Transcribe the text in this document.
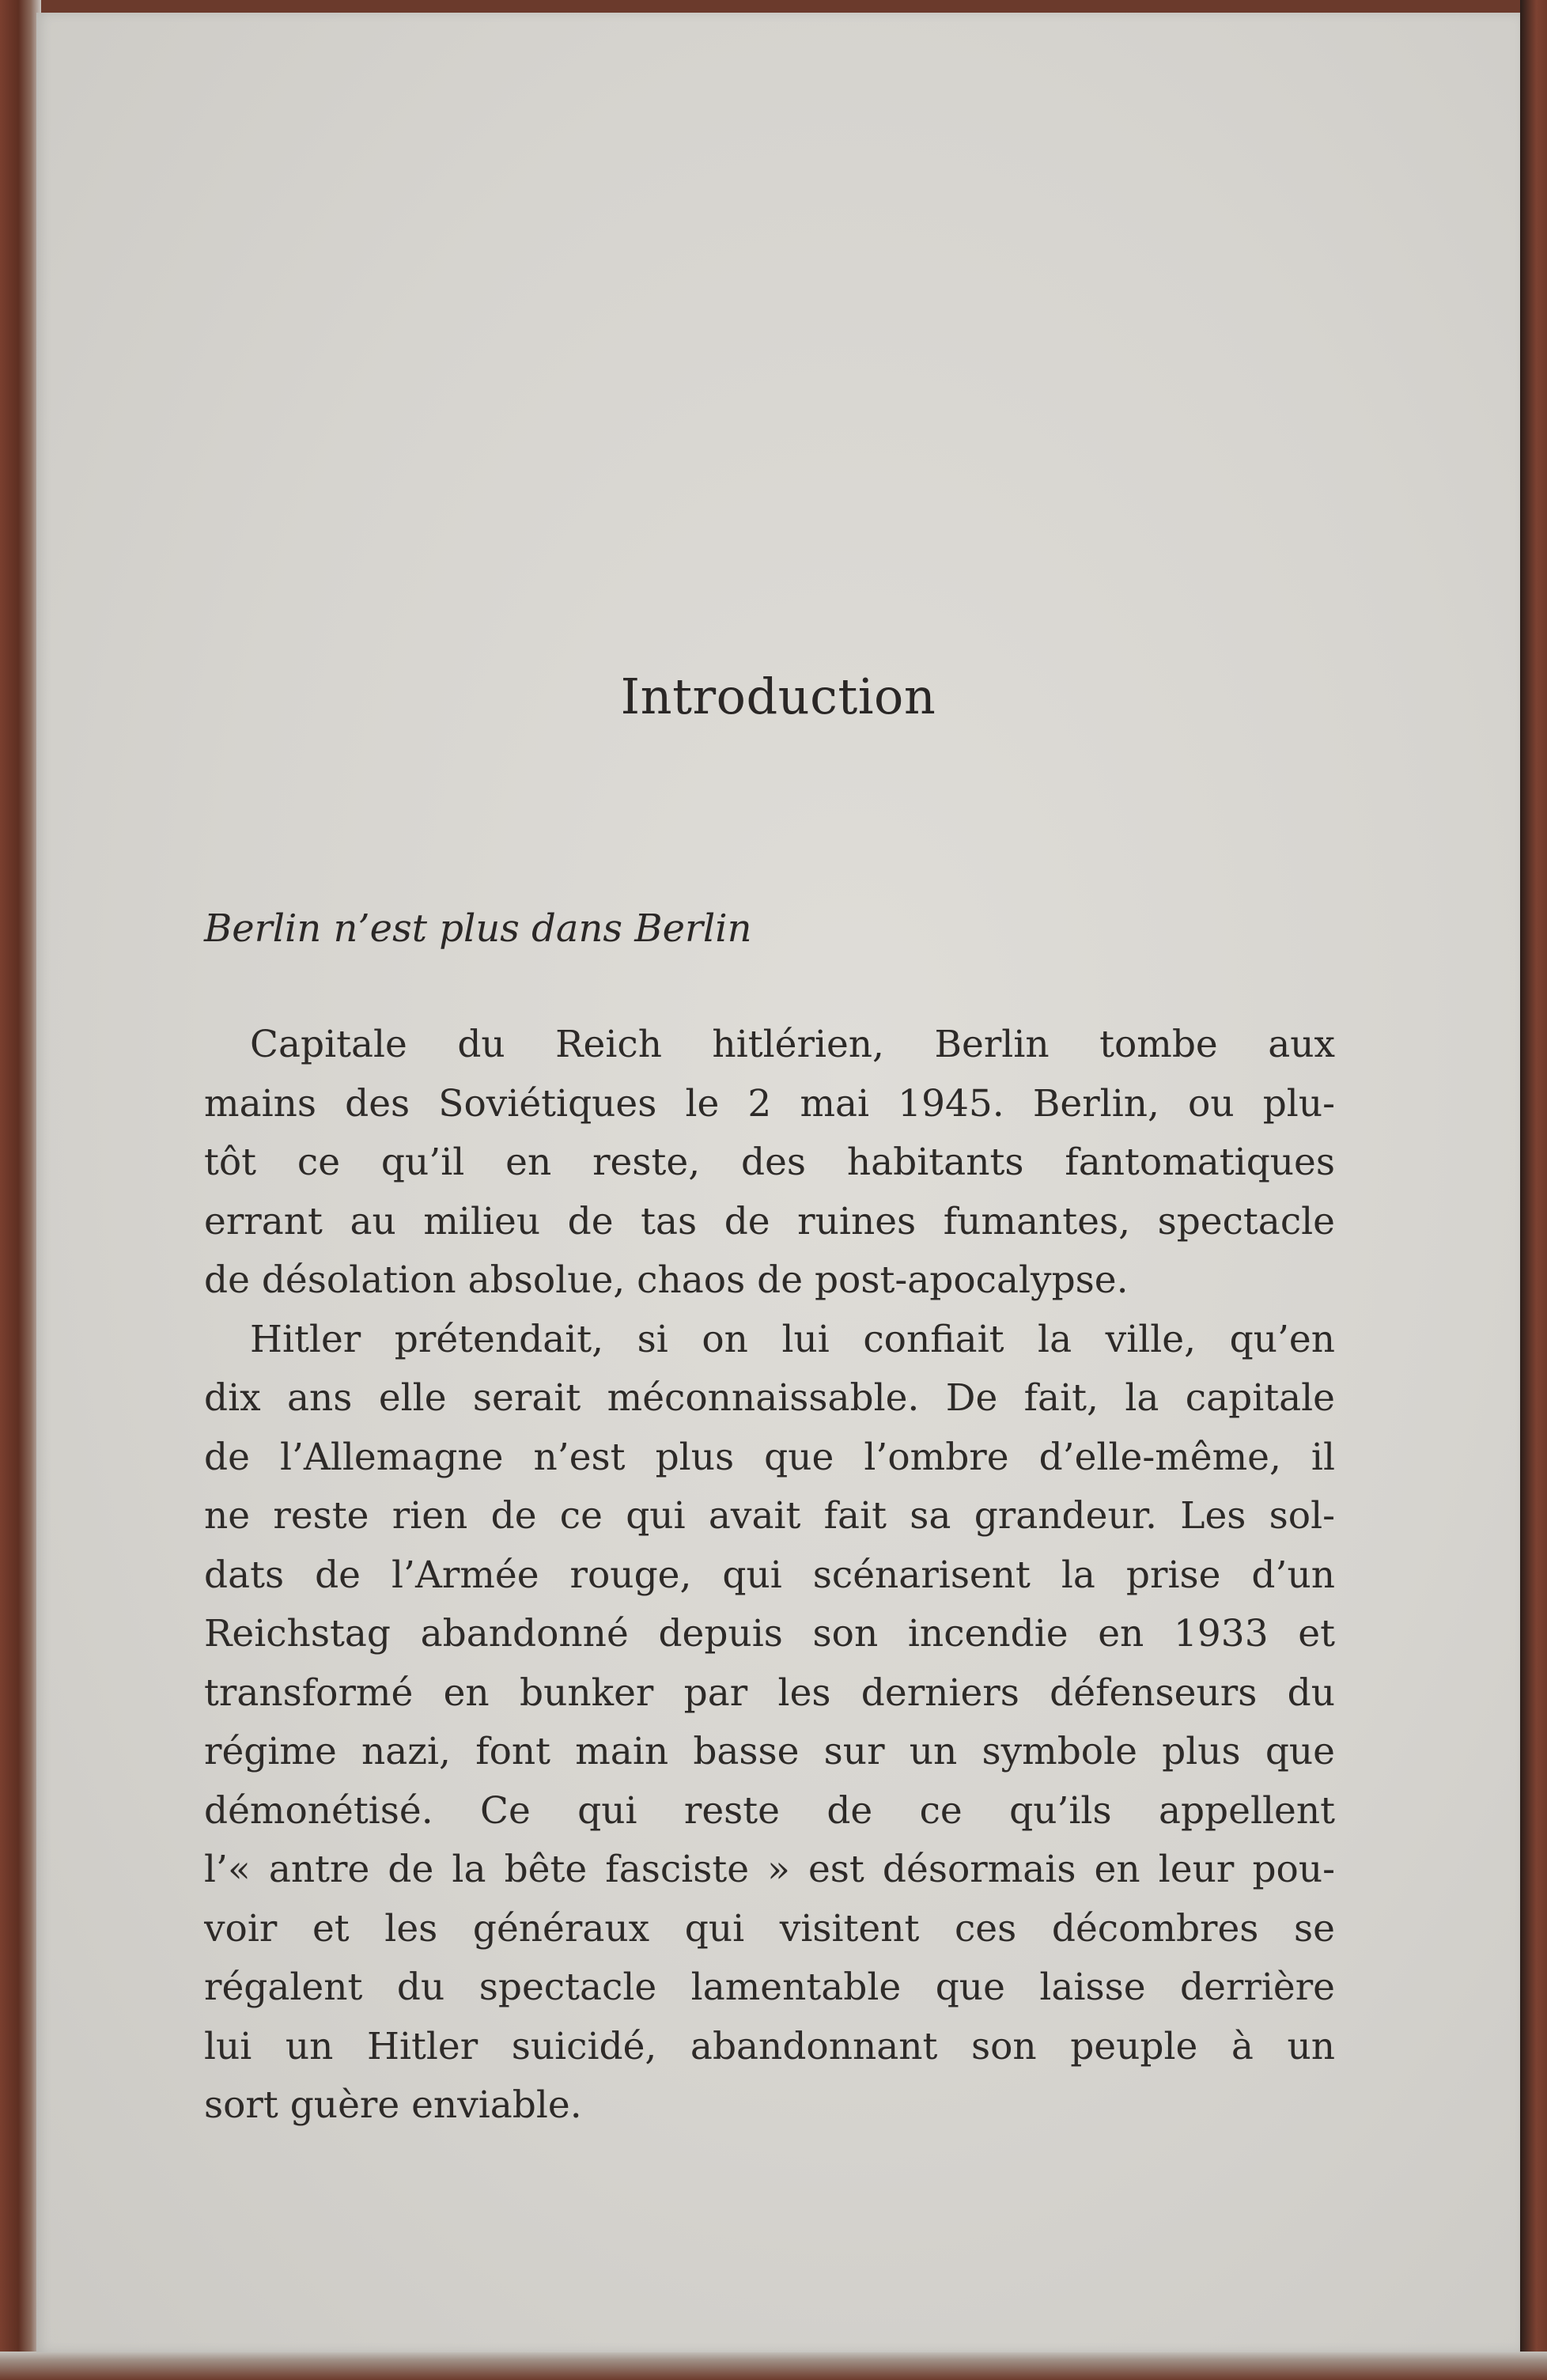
Introduction
Berlin n’est plus dans Berlin
Capitale du Reich hitlérien, Berlin tombe aux
mains des Soviétiques le 2 mai 1945. Berlin, ou plu-
tôt ce qu’il en reste, des habitants fantomatiques
errant au milieu de tas de ruines fumantes, spectacle
de désolation absolue, chaos de post-apocalypse.
Hitler prétendait, si on lui confiait la ville, qu’en
dix ans elle serait méconnaissable. De fait, la capitale
de l’Allemagne n’est plus que l’ombre d’elle-même, il
ne reste rien de ce qui avait fait sa grandeur. Les sol-
dats de l’Armée rouge, qui scénarisent la prise d’un
Reichstag abandonné depuis son incendie en 1933 et
transformé en bunker par les derniers défenseurs du
régime nazi, font main basse sur un symbole plus que
démonétisé. Ce qui reste de ce qu’ils appellent
l’« antre de la bête fasciste » est désormais en leur pou-
voir et les généraux qui visitent ces décombres se
régalent du spectacle lamentable que laisse derrière
lui un Hitler suicidé, abandonnant son peuple à un
sort guère enviable.
